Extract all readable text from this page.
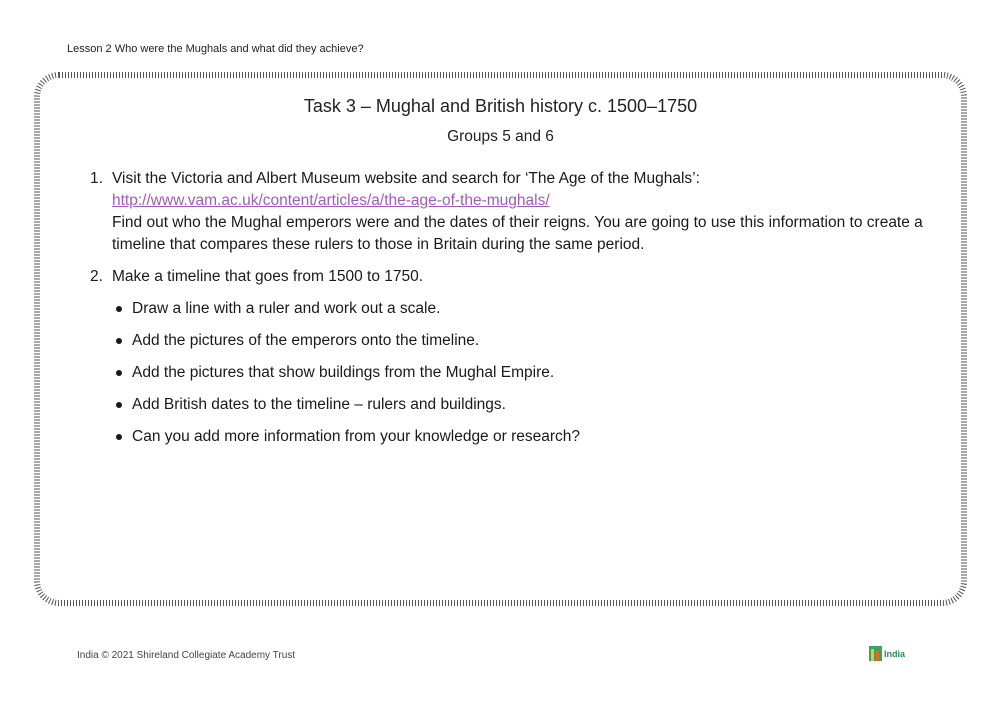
Lesson 2 Who were the Mughals and what did they achieve?
Task 3 – Mughal and British history c. 1500–1750
Groups 5 and 6
1. Visit the Victoria and Albert Museum website and search for ‘The Age of the Mughals’:
http://www.vam.ac.uk/content/articles/a/the-age-of-the-mughals/
Find out who the Mughal emperors were and the dates of their reigns. You are going to use this information to create a timeline that compares these rulers to those in Britain during the same period.
2. Make a timeline that goes from 1500 to 1750.
Draw a line with a ruler and work out a scale.
Add the pictures of the emperors onto the timeline.
Add the pictures that show buildings from the Mughal Empire.
Add British dates to the timeline – rulers and buildings.
Can you add more information from your knowledge or research?
India © 2021 Shireland Collegiate Academy Trust	India
